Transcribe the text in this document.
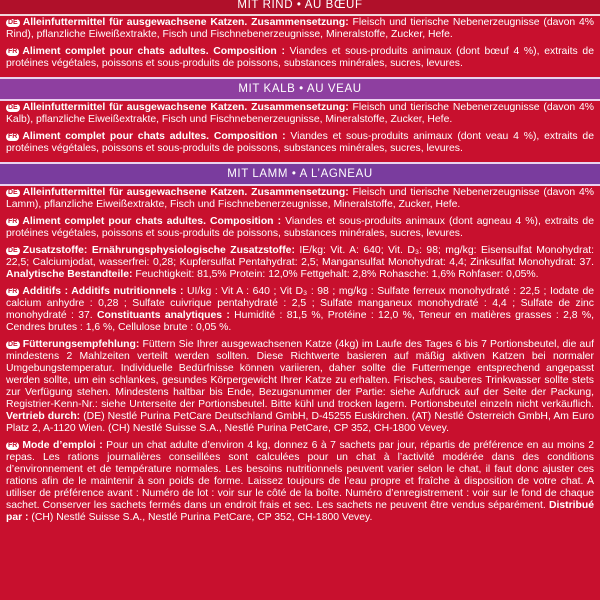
MIT RIND • AU BŒUF
DE Alleinfuttermittel für ausgewachsene Katzen. Zusammensetzung: Fleisch und tierische Nebenerzeugnisse (davon 4% Rind), pflanzliche Eiweißextrakte, Fisch und Fischnebenerzeugnisse, Mineralstoffe, Zucker, Hefe.
FR Aliment complet pour chats adultes. Composition : Viandes et sous-produits animaux (dont bœuf 4 %), extraits de protéines végétales, poissons et sous-produits de poissons, substances minérales, sucres, levures.
MIT KALB • AU VEAU
DE Alleinfuttermittel für ausgewachsene Katzen. Zusammensetzung: Fleisch und tierische Nebenerzeugnisse (davon 4% Kalb), pflanzliche Eiweißextrakte, Fisch und Fischnebenerzeugnisse, Mineralstoffe, Zucker, Hefe.
FR Aliment complet pour chats adultes. Composition : Viandes et sous-produits animaux (dont veau 4 %), extraits de protéines végétales, poissons et sous-produits de poissons, substances minérales, sucres, levures.
MIT LAMM • A L’AGNEAU
DE Alleinfuttermittel für ausgewachsene Katzen. Zusammensetzung: Fleisch und tierische Nebenerzeugnisse (davon 4% Lamm), pflanzliche Eiweißextrakte, Fisch und Fischnebenerzeugnisse, Mineralstoffe, Zucker, Hefe.
FR Aliment complet pour chats adultes. Composition : Viandes et sous-produits animaux (dont agneau 4 %), extraits de protéines végétales, poissons et sous-produits de poissons, substances minérales, sucres, levures.
DE Zusatzstoffe: Ernährungsphysiologische Zusatzstoffe: IE/kg: Vit. A: 640; Vit. D₃: 98; mg/kg: Eisensulfat Monohydrat: 22,5; Calciumjodat, wasserfrei: 0,28; Kupfersulfat Pentahydrat: 2,5; Mangansulfat Monohydrat: 4,4; Zinksulfat Monohydrat: 37. Analytische Bestandteile: Feuchtigkeit: 81,5% Protein: 12,0% Fettgehalt: 2,8% Rohasche: 1,6% Rohfaser: 0,05%.
FR Additifs : Additifs nutritionnels : UI/kg : Vit A : 640 ; Vit D₃ : 98 ; mg/kg : Sulfate ferreux monohydraté : 22,5 ; Iodate de calcium anhydre : 0,28 ; Sulfate cuivrique pentahydraté : 2,5 ; Sulfate manganeux monohydraté : 4,4 ; Sulfate de zinc monohydraté : 37. Constituants analytiques : Humidité : 81,5 %, Protéine : 12,0 %, Teneur en matières grasses : 2,8 %, Cendres brutes : 1,6 %, Cellulose brute : 0,05 %.
DE Fütterungsempfehlung: Füttern Sie Ihrer ausgewachsenen Katze (4kg) im Laufe des Tages 6 bis 7 Portionsbeutel, die auf mindestens 2 Mahlzeiten verteilt werden sollten. Diese Richtwerte basieren auf mäßig aktiven Katzen bei normaler Umgebungstemperatur. Individuelle Bedürfnisse können variieren, daher sollte die Futtermenge entsprechend angepasst werden sollte, um ein schlankes, gesundes Körpergewicht Ihrer Katze zu erhalten. Frisches, sauberes Trinkwasser sollte stets zur Verfügung stehen. Mindestens haltbar bis Ende, Bezugsnummer der Partie: siehe Aufdruck auf der Seite der Packung, Registrier-Kenn-Nr.: siehe Unterseite der Portionsbeutel. Bitte kühl und trocken lagern. Portionsbeutel einzeln nicht verkäuflich. Vertrieb durch: (DE) Nestlé Purina PetCare Deutschland GmbH, D-45255 Euskirchen. (AT) Nestlé Österreich GmbH, Am Euro Platz 2, A-1120 Wien. (CH) Nestlé Suisse S.A., Nestlé Purina PetCare, CP 352, CH-1800 Vevey.
FR Mode d’emploi : Pour un chat adulte d’environ 4 kg, donnez 6 à 7 sachets par jour, répartis de préférence en au moins 2 repas. Les rations journalières conseillées sont calculées pour un chat à l’activité modérée dans des conditions d’environnement et de température normales. Les besoins nutritionnels peuvent varier selon le chat, il faut donc ajuster ces rations afin de le maintenir à son poids de forme. Laissez toujours de l’eau propre et fraîche à disposition de votre chat. A utiliser de préférence avant : Numéro de lot : voir sur le côté de la boîte. Numéro d’enregistrement : voir sur le fond de chaque sachet. Conserver les sachets fermés dans un endroit frais et sec. Les sachets ne peuvent être vendus séparément. Distribué par : (CH) Nestlé Suisse S.A., Nestlé Purina PetCare, CP 352, CH-1800 Vevey.
